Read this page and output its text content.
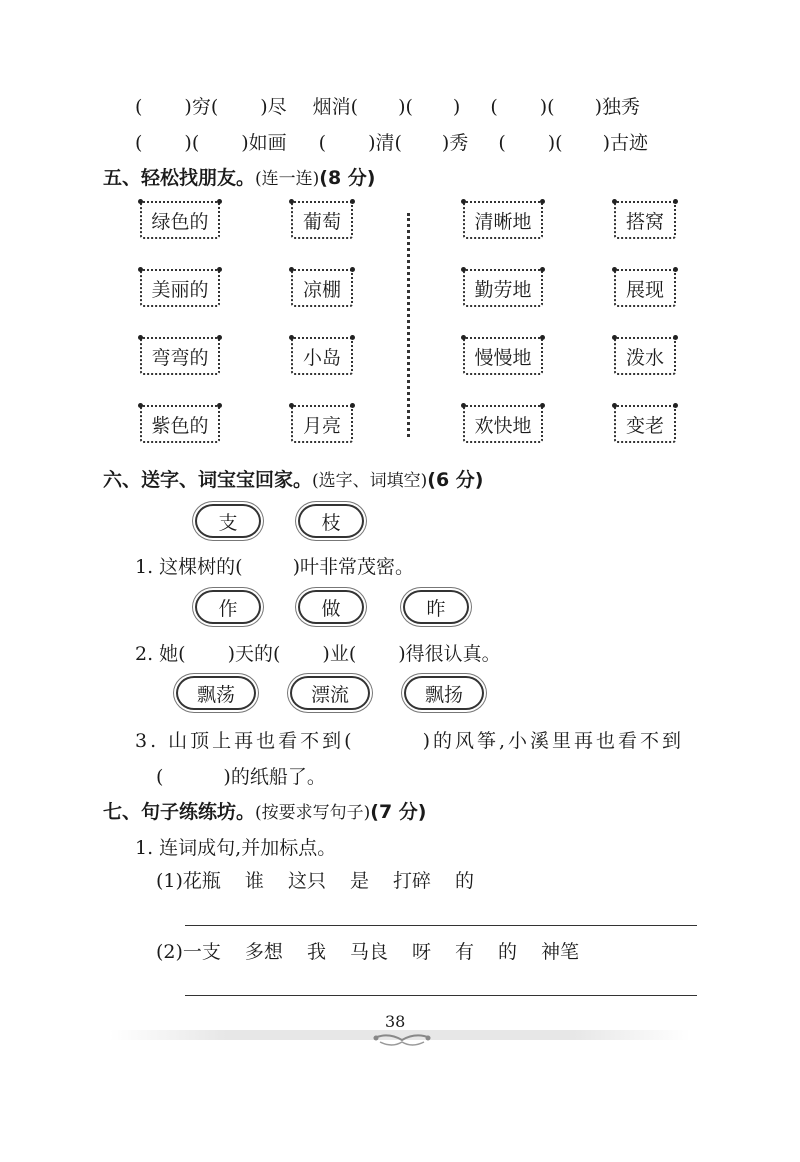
( )穷( )尽 烟消( )( ) ( )( )独秀
( )( )如画 ( )清( )秀 ( )( )古迹
五、轻松找朋友。(连一连)(8 分)
绿色的
美丽的
弯弯的
紫色的
葡萄
凉棚
小岛
月亮
清晰地
勤劳地
慢慢地
欢快地
搭窝
展现
泼水
变老
六、送字、词宝宝回家。(选字、词填空)(6 分)
支	枝
1. 这棵树的(	)叶非常茂密。
作	做	昨
2. 她( )天的( )业( )得很认真。
飘荡	漂流	飘扬
3. 山顶上再也看不到(	)的风筝,小溪里再也看不到
(	)的纸船了。
七、句子练练坊。(按要求写句子)(7 分)
1. 连词成句,并加标点。
(1)花瓶 谁 这只 是 打碎 的
(2)一支 多想 我 马良 呀 有 的 神笔
38
